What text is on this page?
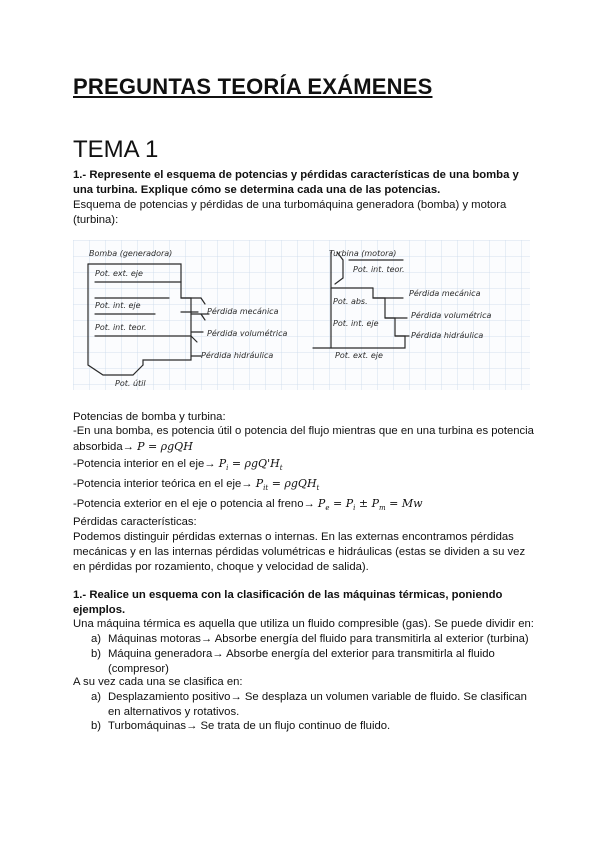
PREGUNTAS TEORÍA EXÁMENES
TEMA 1

1.- Represente el esquema de potencias y pérdidas características de una bomba y una turbina. Explique cómo se determina cada una de las potencias.

Esquema de potencias y pérdidas de una turbomáquina generadora (bomba) y motora (turbina):

Bomba (generadora)
Pot. ext. eje
Pot. int. eje
Pot. int. teor.
Pot. útil
Pérdida mecánica
Pérdida volumétrica
Pérdida hidráulica
Turbina (motora)
Pot. abs.
Pot. int. eje
Pot. int. teor.
Pot. ext. eje
Pérdida mecánica
Pérdida volumétrica
Pérdida hidráulica

Potencias de bomba y turbina:

-En una bomba, es potencia útil o potencia del flujo mientras que en una turbina es potencia

absorbida→ P = ρgQH

-Potencia interior en el $eje\to P_i = \rho gQ'H_t$

-Potencia interior teórica en el $eje\to P_{it} = \rho gQH_t$

-Potencia exterior en el eje o potencia al freno→ $P_e = P_i \pm P_m = Mw$

Pérdidas características:

Podemos distinguir pérdidas externas o internas. En las externas encontramos pérdidas mecánicas y en las internas pérdidas volumétricas e hidráulicas (estas se dividen a su vez en pérdidas por rozamiento, choque y velocidad de salida).

1.- Realice un esquema con la clasificación de las máquinas térmicas, poniendo ejemplos.

Una máquina térmica es aquella que utiliza un fluido compresible (gas). Se puede dividir en:

a) Máquinas motoras→ Absorbe energía del fluido para transmitirla al exterior (turbina)
b) Máquina generadora→ Absorbe energía del exterior para transmitirla al fluido (compresor)

A su vez cada una se clasifica en:

a) Desplazamiento positivo→ Se desplaza un volumen variable de fluido. Se clasifican en alternativos y rotativos.
b) Turbomáquinas→ Se trata de un flujo continuo de fluido.
